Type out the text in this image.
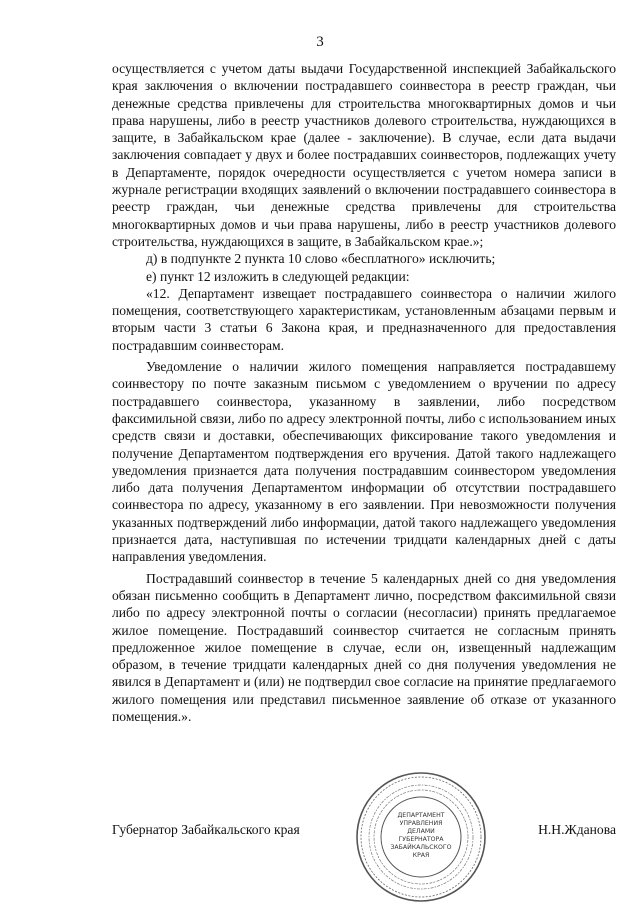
3

осуществляется с учетом даты выдачи Государственной инспекцией Забайкальского края заключения о включении пострадавшего соинвестора в реестр граждан, чьи денежные средства привлечены для строительства многоквартирных домов и чьи права нарушены, либо в реестр участников долевого строительства, нуждающихся в защите, в Забайкальском крае (далее - заключение). В случае, если дата выдачи заключения совпадает у двух и более пострадавших соинвесторов, подлежащих учету в Департаменте, порядок очередности осуществляется с учетом номера записи в журнале регистрации входящих заявлений о включении пострадавшего соинвестора в реестр граждан, чьи денежные средства привлечены для строительства многоквартирных домов и чьи права нарушены, либо в реестр участников долевого строительства, нуждающихся в защите, в Забайкальском крае.»;

д) в подпункте 2 пункта 10 слово «бесплатного» исключить;

е) пункт 12 изложить в следующей редакции:

«12. Департамент извещает пострадавшего соинвестора о наличии жилого помещения, соответствующего характеристикам, установленным абзацами первым и вторым части 3 статьи 6 Закона края, и предназначенного для предоставления пострадавшим соинвесторам.

Уведомление о наличии жилого помещения направляется пострадавшему соинвестору по почте заказным письмом с уведомлением о вручении по адресу пострадавшего соинвестора, указанному в заявлении, либо посредством факсимильной связи, либо по адресу электронной почты, либо с использованием иных средств связи и доставки, обеспечивающих фиксирование такого уведомления и получение Департаментом подтверждения его вручения. Датой такого надлежащего уведомления признается дата получения пострадавшим соинвестором уведомления либо дата получения Департаментом информации об отсутствии пострадавшего соинвестора по адресу, указанному в его заявлении. При невозможности получения указанных подтверждений либо информации, датой такого надлежащего уведомления признается дата, наступившая по истечении тридцати календарных дней с даты направления уведомления.

Пострадавший соинвестор в течение 5 календарных дней со дня уведомления обязан письменно сообщить в Департамент лично, посредством факсимильной связи либо по адресу электронной почты о согласии (несогласии) принять предлагаемое жилое помещение. Пострадавший соинвестор считается не согласным принять предложенное жилое помещение в случае, если он, извещенный надлежащим образом, в течение тридцати календарных дней со дня получения уведомления не явился в Департамент и (или) не подтвердил свое согласие на принятие предлагаемого жилого помещения или представил письменное заявление об отказе от указанного помещения.».

ДЕПАРТАМЕНТ
УПРАВЛЕНИЯ
ДЕЛАМИ
ГУБЕРНАТОРА
ЗАБАЙКАЛЬСКОГО
КРАЯ
Губернатор Забайкальского края	Н.Н.Жданова
